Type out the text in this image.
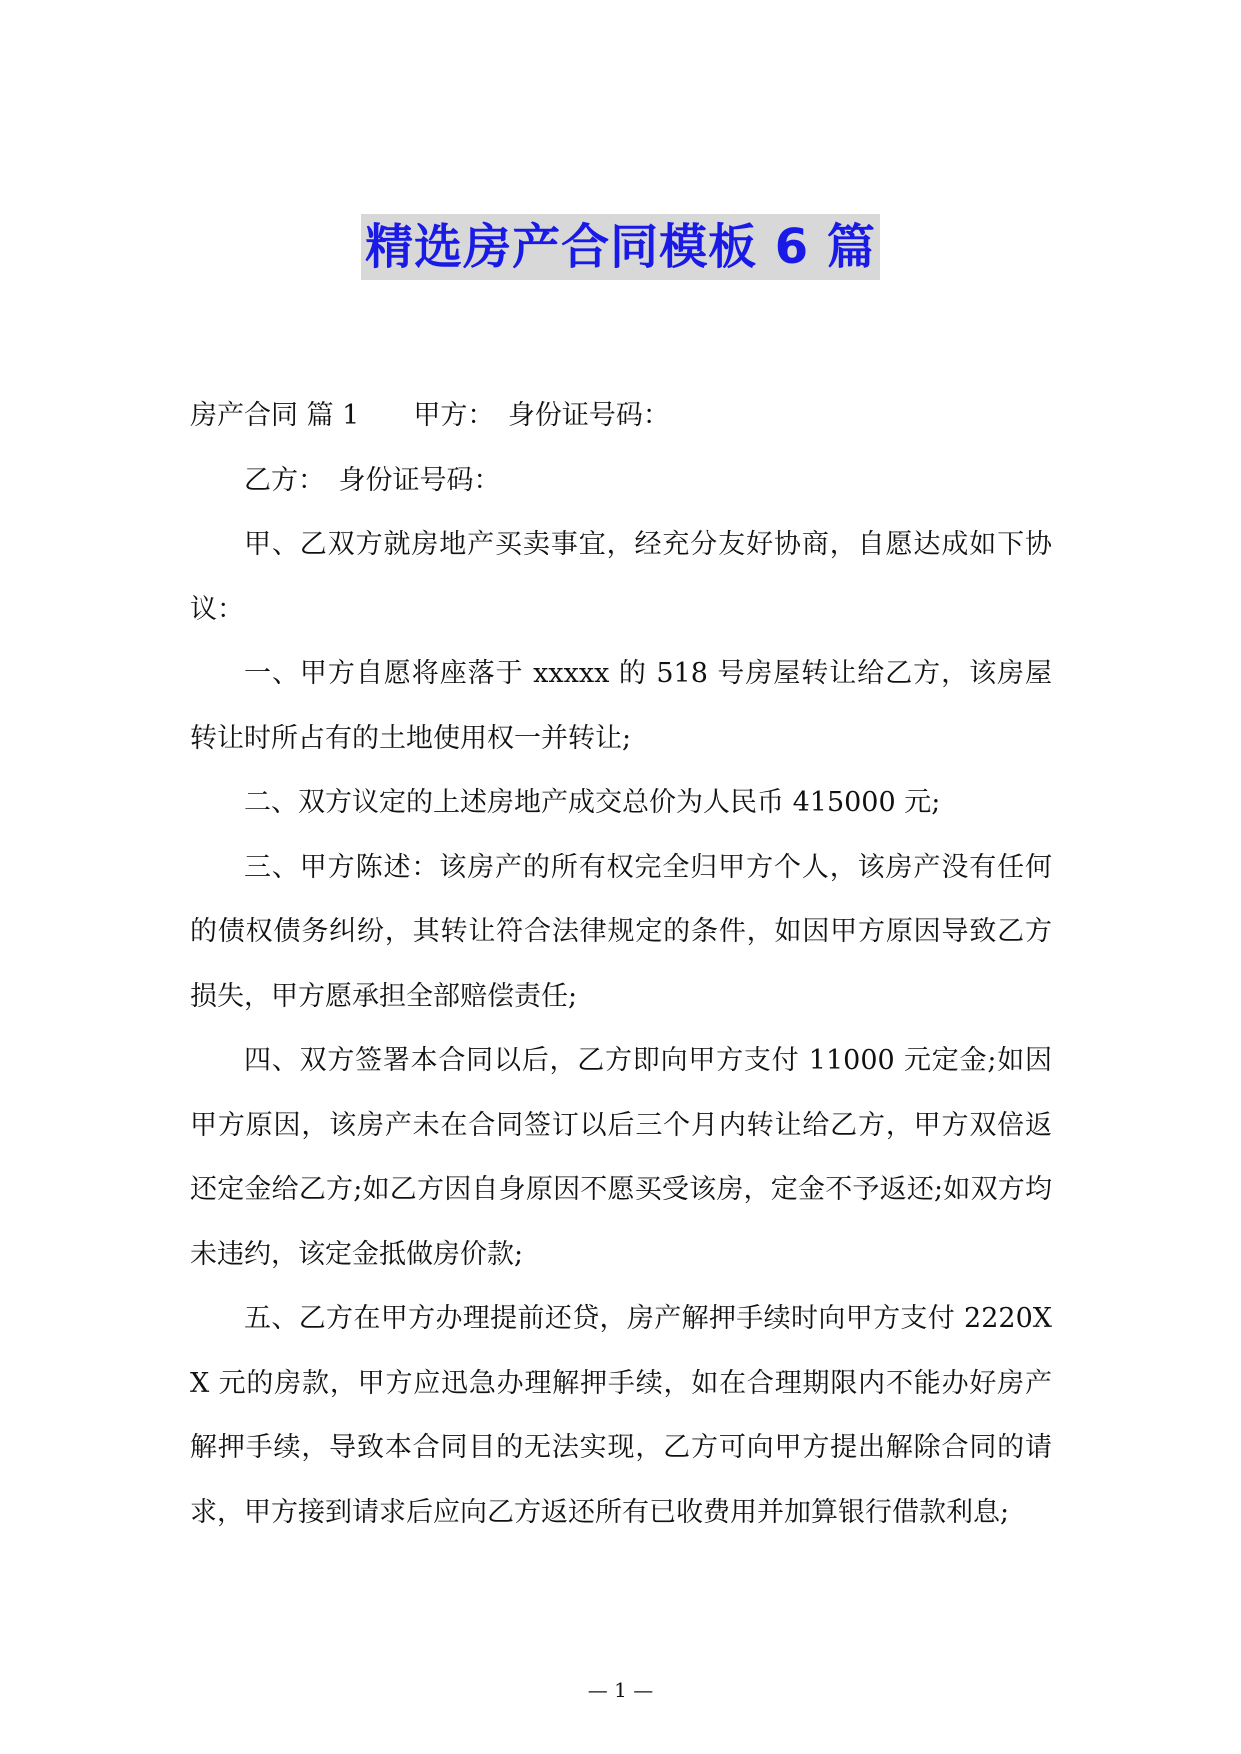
精选房产合同模板 6 篇

房产合同 篇 1 甲方：　身份证号码：

乙方：　身份证号码：

甲、乙双方就房地产买卖事宜，经充分友好协商，自愿达成如下协议：

一、甲方自愿将座落于 xxxxx 的 518 号房屋转让给乙方，该房屋转让时所占有的土地使用权一并转让;

二、双方议定的上述房地产成交总价为人民币 415000 元;

三、甲方陈述：该房产的所有权完全归甲方个人，该房产没有任何的债权债务纠纷，其转让符合法律规定的条件，如因甲方原因导致乙方损失，甲方愿承担全部赔偿责任;

四、双方签署本合同以后，乙方即向甲方支付 11000 元定金;如因甲方原因，该房产未在合同签订以后三个月内转让给乙方，甲方双倍返还定金给乙方;如乙方因自身原因不愿买受该房，定金不予返还;如双方均未违约，该定金抵做房价款;

五、乙方在甲方办理提前还贷，房产解押手续时向甲方支付 2220XX 元的房款，甲方应迅急办理解押手续，如在合理期限内不能办好房产解押手续，导致本合同目的无法实现，乙方可向甲方提出解除合同的请求，甲方接到请求后应向乙方返还所有已收费用并加算银行借款利息;

— 1 —
